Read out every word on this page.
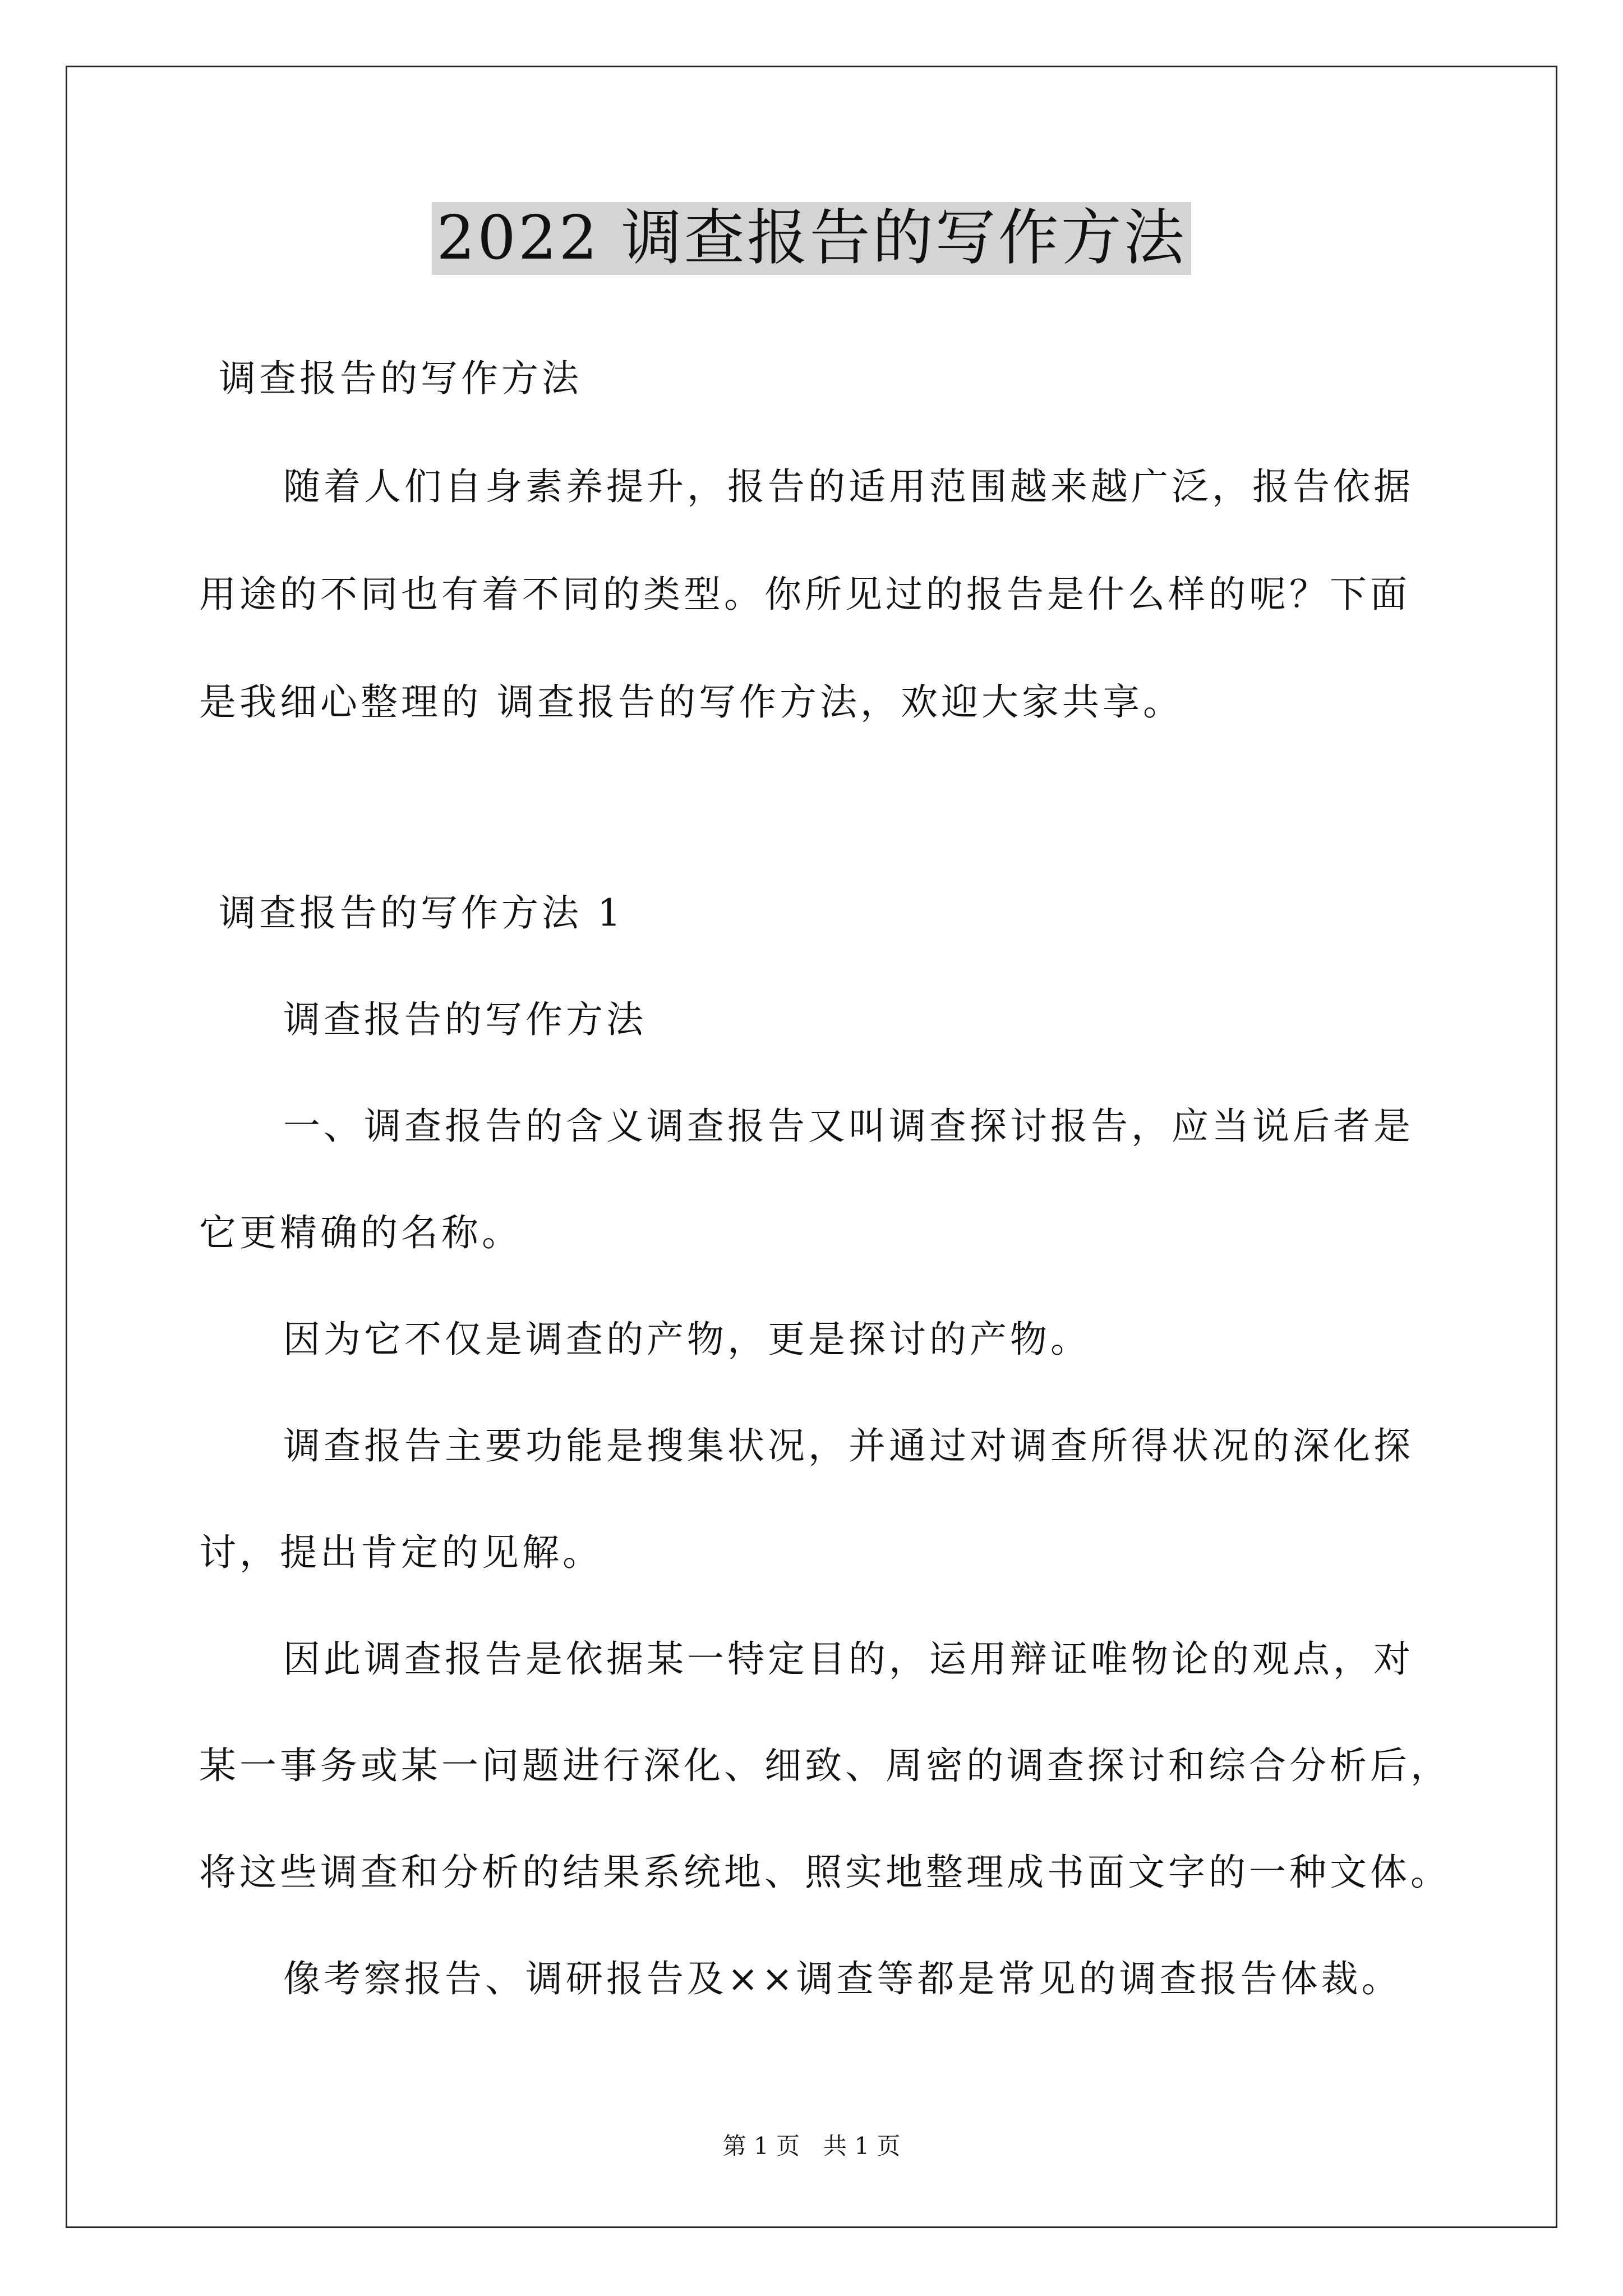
2022 调查报告的写作方法
调查报告的写作方法
随着人们自身素养提升，报告的适用范围越来越广泛，报告依据
用途的不同也有着不同的类型。你所见过的报告是什么样的呢？下面
是我细心整理的 调查报告的写作方法，欢迎大家共享。
调查报告的写作方法 1
调查报告的写作方法
一、调查报告的含义调查报告又叫调查探讨报告，应当说后者是
它更精确的名称。
因为它不仅是调查的产物，更是探讨的产物。
调查报告主要功能是搜集状况，并通过对调查所得状况的深化探
讨，提出肯定的见解。
因此调查报告是依据某一特定目的，运用辩证唯物论的观点，对
某一事务或某一问题进行深化、细致、周密的调查探讨和综合分析后，
将这些调查和分析的结果系统地、照实地整理成书面文字的一种文体。
像考察报告、调研报告及××调查等都是常见的调查报告体裁。
第 1 页　共 1 页
